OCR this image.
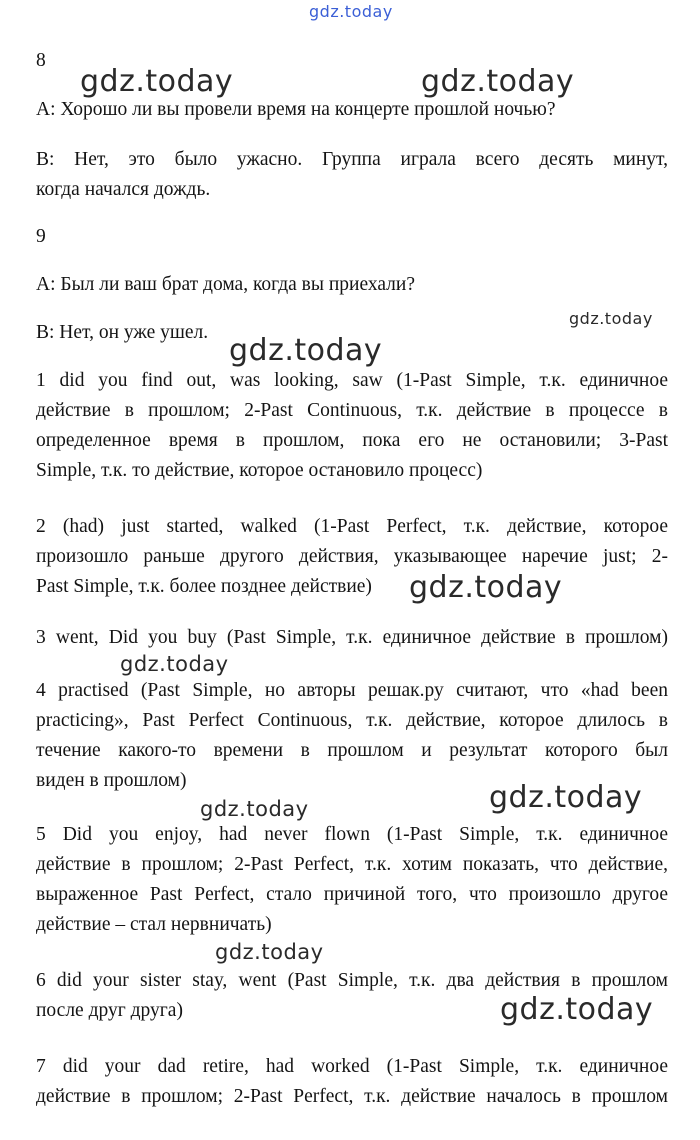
8
A: Хорошо ли вы провели время на концерте прошлой ночью?
B: Нет, это было ужасно. Группа играла всего десять минут,
когда начался дождь.
9
A: Был ли ваш брат дома, когда вы приехали?
B: Нет, он уже ушел.
1 did you find out, was looking, saw (1-Past Simple, т.к. единичное
действие в прошлом; 2-Past Continuous, т.к. действие в процессе в
определенное время в прошлом, пока его не остановили; 3-Past
Simple, т.к. то действие, которое остановило процесс)
2 (had) just started, walked (1-Past Perfect, т.к. действие, которое
произошло раньше другого действия, указывающее наречие just; 2-
Past Simple, т.к. более позднее действие)
3 went, Did you buy (Past Simple, т.к. единичное действие в прошлом)
4 practised (Past Simple, но авторы решак.ру считают, что «had been
practicing», Past Perfect Continuous, т.к. действие, которое длилось в
течение какого-то времени в прошлом и результат которого был
виден в прошлом)
5 Did you enjoy, had never flown (1-Past Simple, т.к. единичное
действие в прошлом; 2-Past Perfect, т.к. хотим показать, что действие,
выраженное Past Perfect, стало причиной того, что произошло другое
действие – стал нервничать)
6 did your sister stay, went (Past Simple, т.к. два действия в прошлом
после друг друга)
7 did your dad retire, had worked (1-Past Simple, т.к. единичное
действие в прошлом; 2-Past Perfect, т.к. действие началось в прошлом
gdz.today
gdz.today	gdz.today
gdz.today
gdz.today
gdz.today
gdz.today
gdz.today	gdz.today
gdz.today
gdz.today
